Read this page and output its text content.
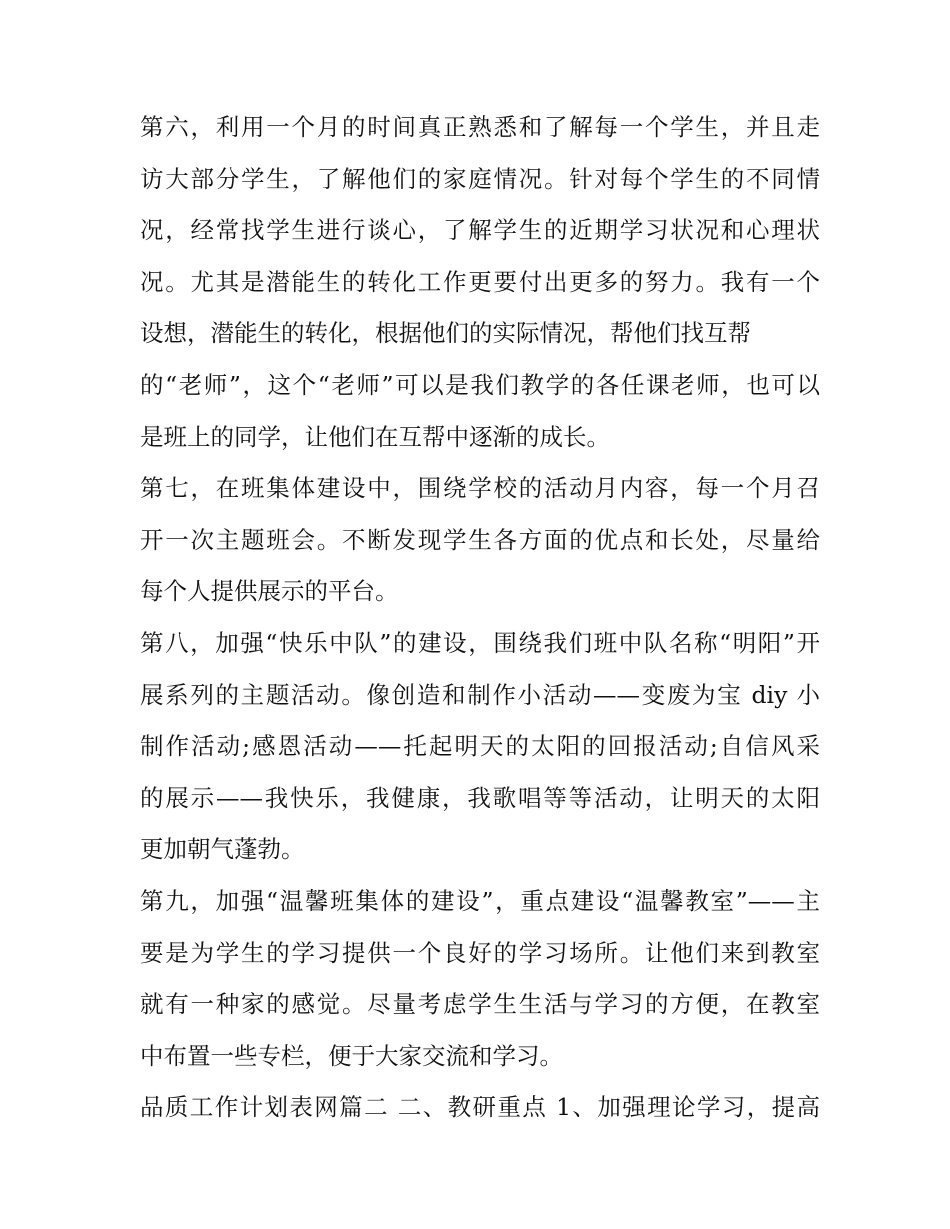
第六，利用一个月的时间真正熟悉和了解每一个学生，并且走
访大部分学生，了解他们的家庭情况。针对每个学生的不同情
况，经常找学生进行谈心，了解学生的近期学习状况和心理状
况。尤其是潜能生的转化工作更要付出更多的努力。我有一个
设想，潜能生的转化，根据他们的实际情况，帮他们找互帮
的“老师”，这个“老师”可以是我们教学的各任课老师，也可以
是班上的同学，让他们在互帮中逐渐的成长。
第七，在班集体建设中，围绕学校的活动月内容，每一个月召
开一次主题班会。不断发现学生各方面的优点和长处，尽量给
每个人提供展示的平台。
第八，加强“快乐中队”的建设，围绕我们班中队名称“明阳”开
展系列的主题活动。像创造和制作小活动——变废为宝 diy 小
制作活动;感恩活动——托起明天的太阳的回报活动;自信风采
的展示——我快乐，我健康，我歌唱等等活动，让明天的太阳
更加朝气蓬勃。
第九，加强“温馨班集体的建设”，重点建设“温馨教室”——主
要是为学生的学习提供一个良好的学习场所。让他们来到教室
就有一种家的感觉。尽量考虑学生生活与学习的方便，在教室
中布置一些专栏，便于大家交流和学习。
品质工作计划表网篇二 二、教研重点 1、加强理论学习，提高
